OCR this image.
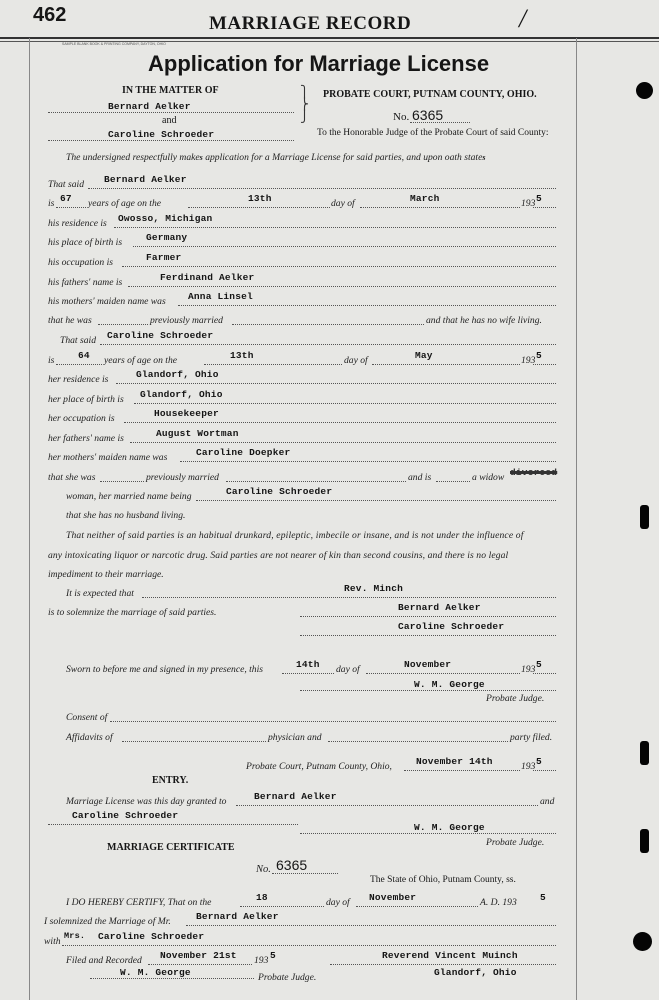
462	MARRIAGE RECORD	/
SAMPLE BLANK BOOK & PRINTING COMPANY, DAYTON, OHIO
Application for Marriage License
IN THE MATTER OF
Bernard Aelker
and
Caroline Schroeder
⎫
⎬
⎭
PROBATE COURT, PUTNAM COUNTY, OHIO.
No. 6365
To the Honorable Judge of the Probate Court of said County:
The undersigned respectfully makes application for a Marriage License for said parties, and upon oath states
That said Bernard Aelker
is 67 years of age on the	13th	day of	March	193 5
his residence is Owosso, Michigan
his place of birth is	Germany
his occupation is	Farmer
his fathers' name is	Ferdinand Aelker
his mothers' maiden name was Anna Linsel
that he was	previously married	and that he has no wife living.
That said Caroline Schroeder
is 64 years of age on the	13th	day of	May	193 5
her residence is	Glandorf, Ohio
her place of birth is Glandorf, Ohio
her occupation is	Housekeeper
her fathers' name is	August Wortman
her mothers' maiden name was	Caroline Doepker
that she was	previously married	and is	a widow divorced
woman, her married name being	Caroline Schroeder
that she has no husband living.
That neither of said parties is an habitual drunkard, epileptic, imbecile or insane, and is not under the influence of
any intoxicating liquor or narcotic drug. Said parties are not nearer of kin than second cousins, and there is no legal
impediment to their marriage.
It is expected that	Rev. Minch
is to solemnize the marriage of said parties.	Bernard Aelker
Caroline Schroeder
Sworn to before me and signed in my presence, this	14th day of	November	193 5
W. M. George
Probate Judge.
Consent of
Affidavits of	physician and	party filed.
Probate Court, Putnam County, Ohio,	November 14th	193 5
ENTRY.
Marriage License was this day granted to	Bernard Aelker	and
Caroline Schroeder
W. M. George
Probate Judge.
MARRIAGE CERTIFICATE
No. 6365
The State of Ohio, Putnam County, ss.
I DO HEREBY CERTIFY, That on the	18	day of November	A. D. 193 5
I solemnized the Marriage of Mr.	Bernard Aelker
with Mrs. Caroline Schroeder
Filed and Recorded November 21st 193 5	Reverend Vincent Muinch
W. M. George	Probate Judge.	Glandorf, Ohio
